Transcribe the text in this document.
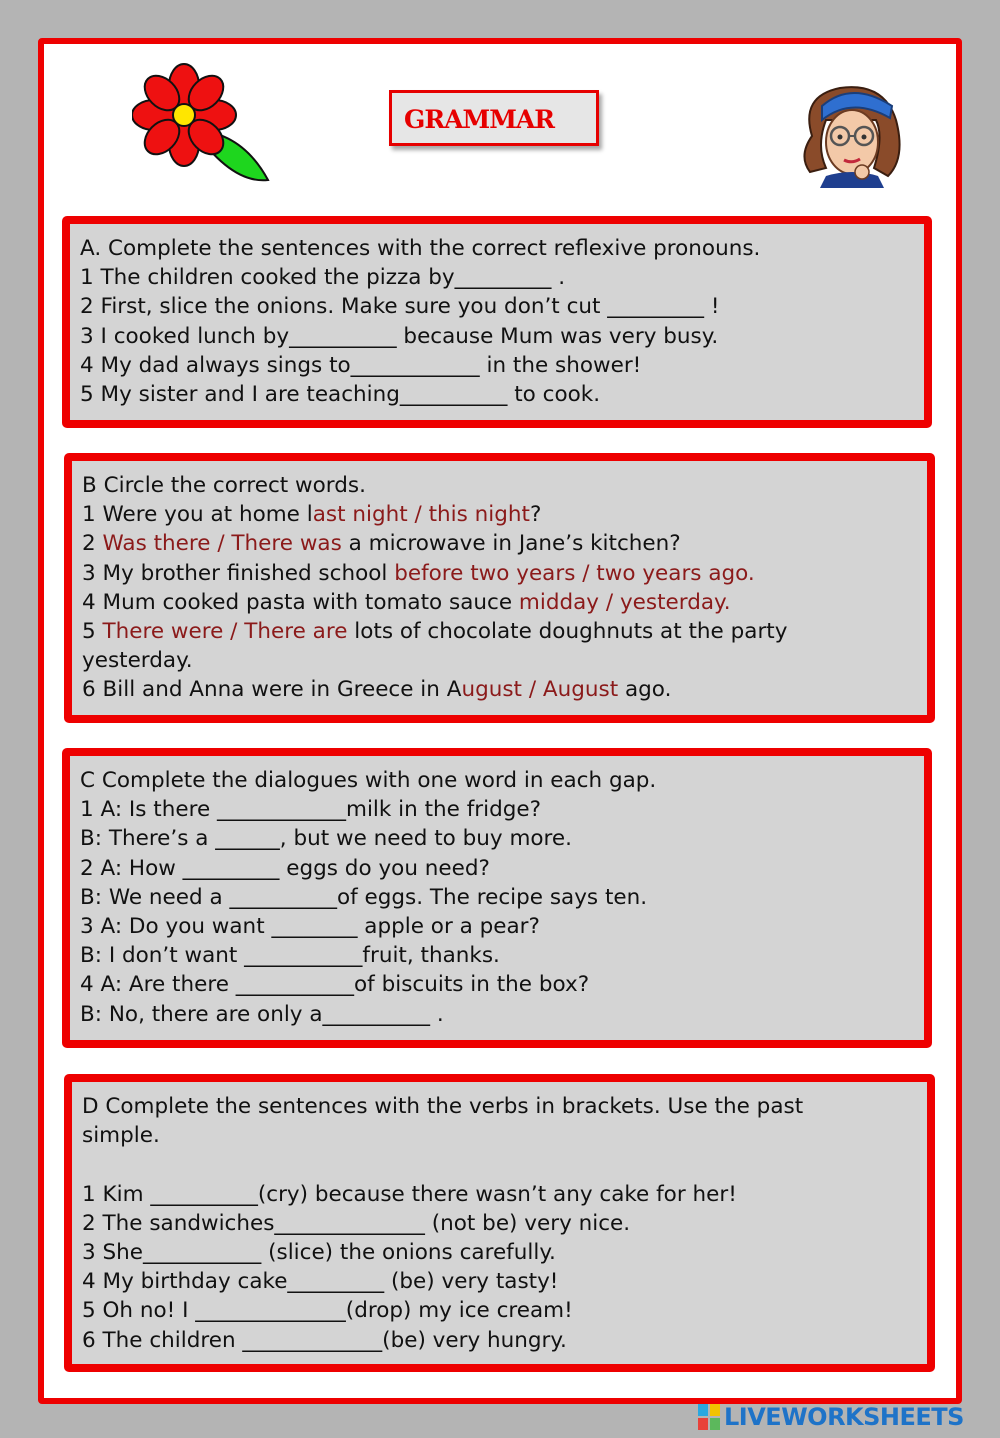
GRAMMAR

A. Complete the sentences with the correct reflexive pronouns.

1 The children cooked the pizza by_________ .

2 First, slice the onions. Make sure you don’t cut _________ !

3 I cooked lunch by__________ because Mum was very busy.

4 My dad always sings to____________ in the shower!

5 My sister and I are teaching__________ to cook.

B Circle the correct words.

1 Were you at home last night / this night?

2 Was there / There was a microwave in Jane’s kitchen?

3 My brother finished school before two years / two years ago.

4 Mum cooked pasta with tomato sauce midday / yesterday.

5 There were / There are lots of chocolate doughnuts at the party

yesterday.

6 Bill and Anna were in Greece in August / August ago.

C Complete the dialogues with one word in each gap.

1 A: Is there ____________milk in the fridge?

B: There’s a ______, but we need to buy more.

2 A: How _________ eggs do you need?

B: We need a __________of eggs. The recipe says ten.

3 A: Do you want ________ apple or a pear?

B: I don’t want ___________fruit, thanks.

4 A: Are there ___________of biscuits in the box?

B: No, there are only a__________ .

D Complete the sentences with the verbs in brackets. Use the past

simple.

1 Kim __________(cry) because there wasn’t any cake for her!

2 The sandwiches______________ (not be) very nice.

3 She___________ (slice) the onions carefully.

4 My birthday cake_________ (be) very tasty!

5 Oh no! I ______________(drop) my ice cream!

6 The children _____________(be) very hungry.

LIVEWORKSHEETS
